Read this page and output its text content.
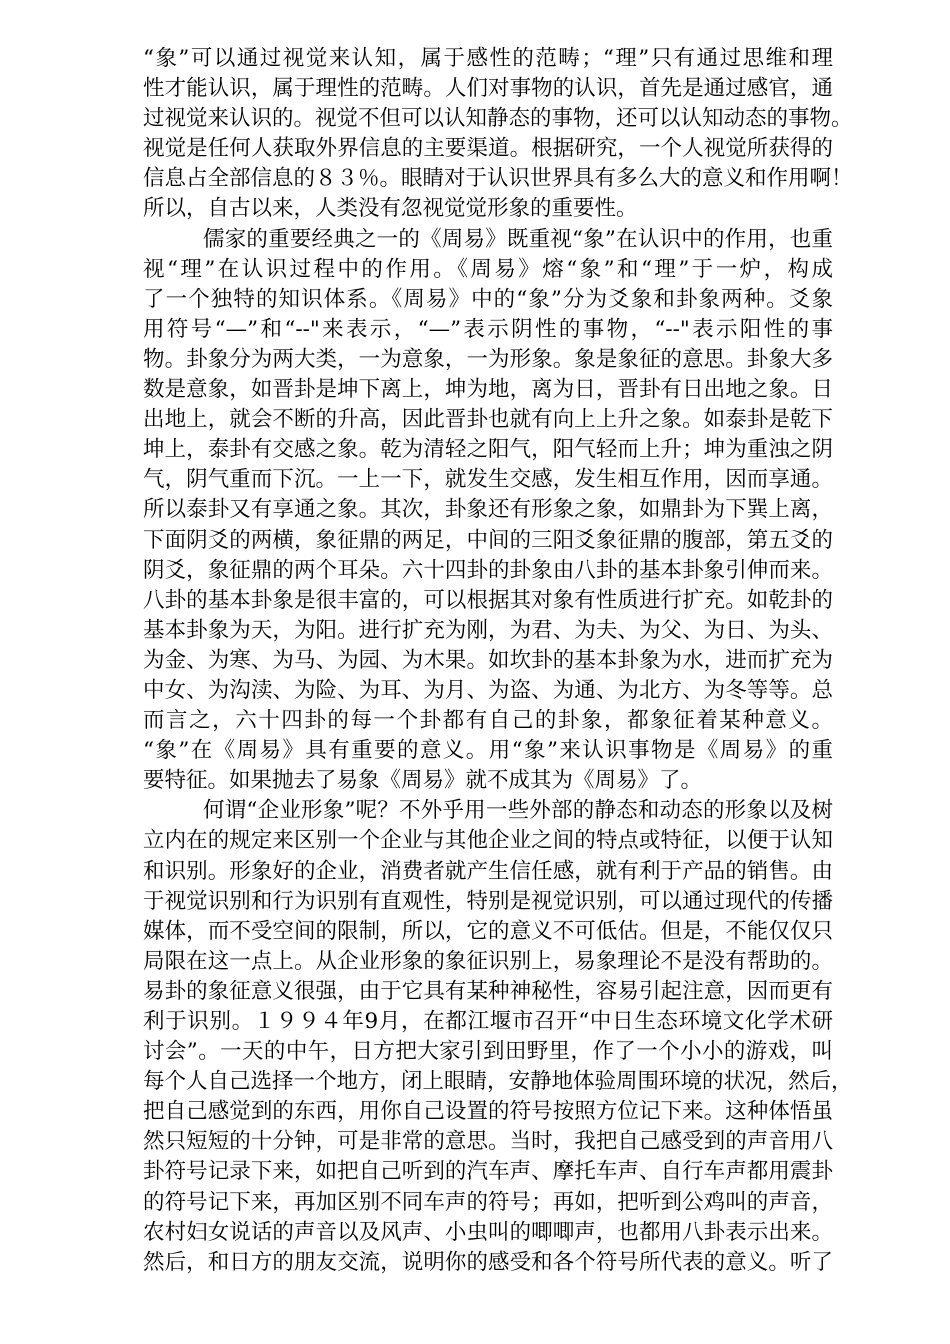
“象”可以通过视觉来认知，属于感性的范畴；“理”只有通过思维和理
性才能认识，属于理性的范畴。人们对事物的认识，首先是通过感官，通
过视觉来认识的。视觉不但可以认知静态的事物，还可以认知动态的事物。
视觉是任何人获取外界信息的主要渠道。根据研究，一个人视觉所获得的
信息占全部信息的８３％。眼睛对于认识世界具有多么大的意义和作用啊！
所以，自古以来，人类没有忽视觉觉形象的重要性。
儒家的重要经典之一的《周易》既重视“象”在认识中的作用，也重
视“理”在认识过程中的作用。《周易》熔“象”和“理”于一炉，构成
了一个独特的知识体系。《周易》中的“象”分为爻象和卦象两种。爻象
用符号“—”和“--"来表示，“—”表示阴性的事物，“--"表示阳性的事
物。卦象分为两大类，一为意象，一为形象。象是象征的意思。卦象大多
数是意象，如晋卦是坤下离上，坤为地，离为日，晋卦有日出地之象。日
出地上，就会不断的升高，因此晋卦也就有向上上升之象。如泰卦是乾下
坤上，泰卦有交感之象。乾为清轻之阳气，阳气轻而上升；坤为重浊之阴
气，阴气重而下沉。一上一下，就发生交感，发生相互作用，因而享通。
所以泰卦又有享通之象。其次，卦象还有形象之象，如鼎卦为下巽上离，
下面阴爻的两横，象征鼎的两足，中间的三阳爻象征鼎的腹部，第五爻的
阴爻，象征鼎的两个耳朵。六十四卦的卦象由八卦的基本卦象引伸而来。
八卦的基本卦象是很丰富的，可以根据其对象有性质进行扩充。如乾卦的
基本卦象为天，为阳。进行扩充为刚，为君、为夫、为父、为日、为头、
为金、为寒、为马、为园、为木果。如坎卦的基本卦象为水，进而扩充为
中女、为沟渎、为险、为耳、为月、为盗、为通、为北方、为冬等等。总
而言之，六十四卦的每一个卦都有自己的卦象，都象征着某种意义。
“象”在《周易》具有重要的意义。用“象”来认识事物是《周易》的重
要特征。如果抛去了易象《周易》就不成其为《周易》了。
何谓“企业形象”呢？不外乎用一些外部的静态和动态的形象以及树
立内在的规定来区别一个企业与其他企业之间的特点或特征，以便于认知
和识别。形象好的企业，消费者就产生信任感，就有利于产品的销售。由
于视觉识别和行为识别有直观性，特别是视觉识别，可以通过现代的传播
媒体，而不受空间的限制，所以，它的意义不可低估。但是，不能仅仅只
局限在这一点上。从企业形象的象征识别上，易象理论不是没有帮助的。
易卦的象征意义很强，由于它具有某种神秘性，容易引起注意，因而更有
利于识别。１９９４年9月，在都江堰市召开“中日生态环境文化学术研
讨会”。一天的中午，日方把大家引到田野里，作了一个小小的游戏，叫
每个人自己选择一个地方，闭上眼睛，安静地体验周围环境的状况，然后，
把自己感觉到的东西，用你自己设置的符号按照方位记下来。这种体悟虽
然只短短的十分钟，可是非常的意思。当时，我把自己感受到的声音用八
卦符号记录下来，如把自己听到的汽车声、摩托车声、自行车声都用震卦
的符号记下来，再加区别不同车声的符号；再如，把听到公鸡叫的声音，
农村妇女说话的声音以及风声、小虫叫的唧唧声，也都用八卦表示出来。
然后，和日方的朋友交流，说明你的感受和各个符号所代表的意义。听了
